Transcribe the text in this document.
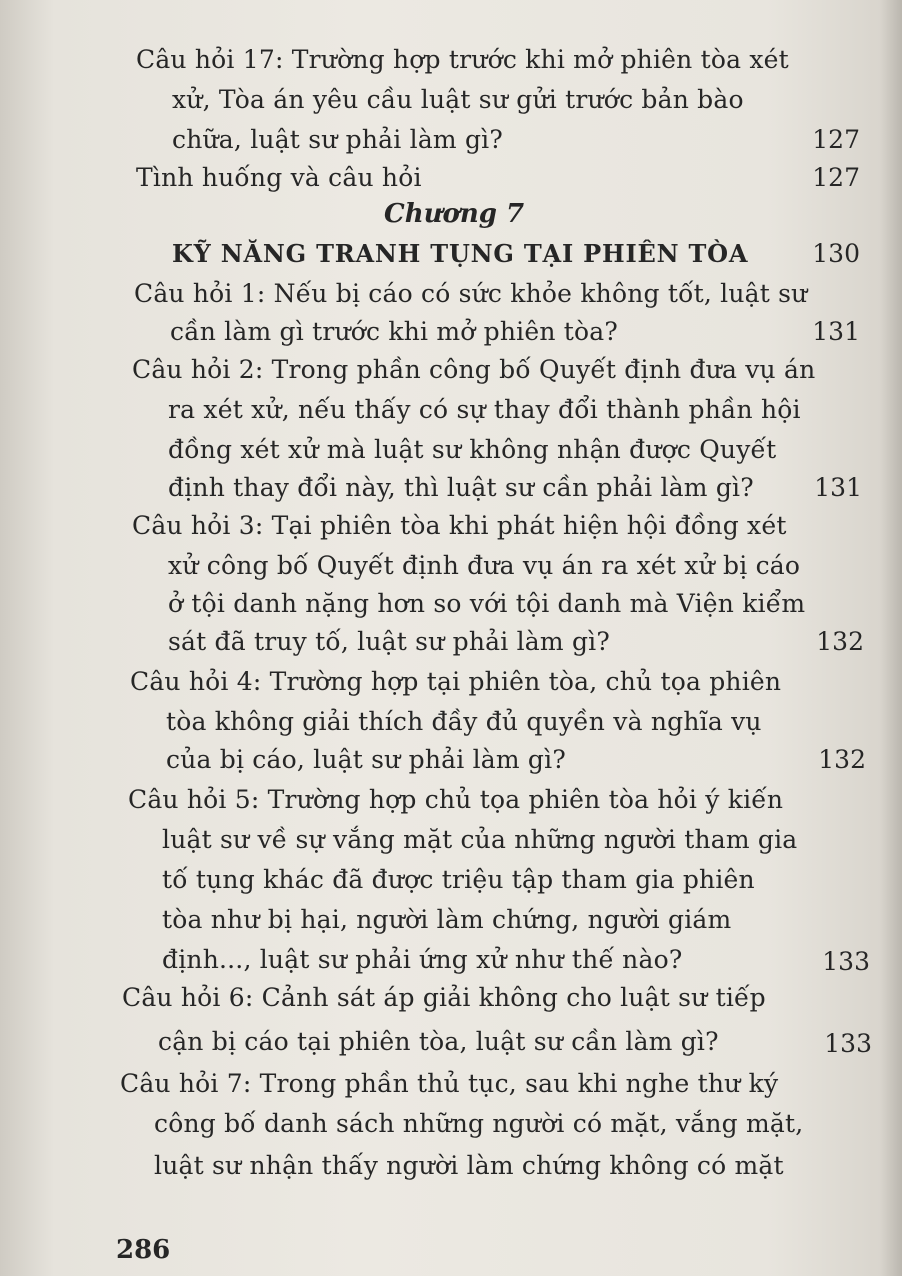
Câu hỏi 17: Trường hợp trước khi mở phiên tòa xét
xử, Tòa án yêu cầu luật sư gửi trước bản bào
chữa, luật sư phải làm gì?	127
Tình huống và câu hỏi	127
Chương 7
KỸ NĂNG TRANH TỤNG TẠI PHIÊN TÒA	130
Câu hỏi 1: Nếu bị cáo có sức khỏe không tốt, luật sư
cần làm gì trước khi mở phiên tòa?	131
Câu hỏi 2: Trong phần công bố Quyết định đưa vụ án
ra xét xử, nếu thấy có sự thay đổi thành phần hội
đồng xét xử mà luật sư không nhận được Quyết
định thay đổi này, thì luật sư cần phải làm gì?	131
Câu hỏi 3: Tại phiên tòa khi phát hiện hội đồng xét
xử công bố Quyết định đưa vụ án ra xét xử bị cáo
ở tội danh nặng hơn so với tội danh mà Viện kiểm
sát đã truy tố, luật sư phải làm gì?	132
Câu hỏi 4: Trường hợp tại phiên tòa, chủ tọa phiên
tòa không giải thích đầy đủ quyền và nghĩa vụ
của bị cáo, luật sư phải làm gì?	132
Câu hỏi 5: Trường hợp chủ tọa phiên tòa hỏi ý kiến
luật sư về sự vắng mặt của những người tham gia
tố tụng khác đã được triệu tập tham gia phiên
tòa như bị hại, người làm chứng, người giám
định..., luật sư phải ứng xử như thế nào?	133
Câu hỏi 6: Cảnh sát áp giải không cho luật sư tiếp
cận bị cáo tại phiên tòa, luật sư cần làm gì?	133
Câu hỏi 7: Trong phần thủ tục, sau khi nghe thư ký
công bố danh sách những người có mặt, vắng mặt,
luật sư nhận thấy người làm chứng không có mặt
286
